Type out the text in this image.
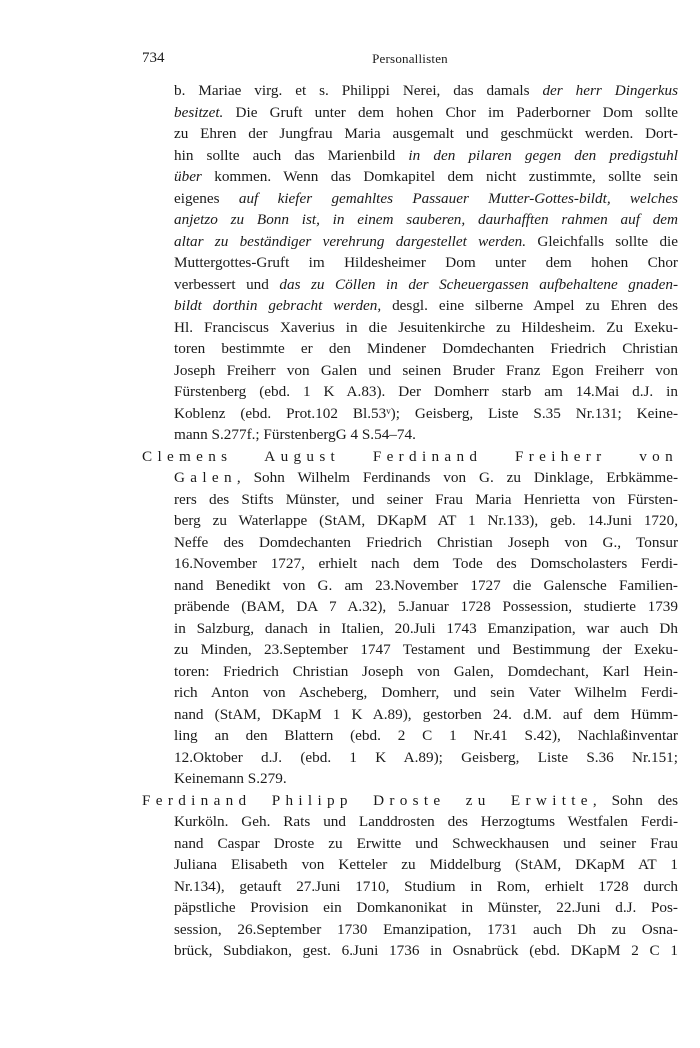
734	Personallisten
b. Mariae virg. et s. Philippi Nerei, das damals der herr Dingerkus
besitzet. Die Gruft unter dem hohen Chor im Paderborner Dom sollte
zu Ehren der Jungfrau Maria ausgemalt und geschmückt werden. Dort-
hin sollte auch das Marienbild in den pilaren gegen den predigstuhl
über kommen. Wenn das Domkapitel dem nicht zustimmte, sollte sein
eigenes auf kiefer gemahltes Passauer Mutter-Gottes-bildt, welches
anjetzo zu Bonn ist, in einem sauberen, daurhafften rahmen auf dem
altar zu beständiger verehrung dargestellet werden. Gleichfalls sollte die
Muttergottes-Gruft im Hildesheimer Dom unter dem hohen Chor
verbessert und das zu Cöllen in der Scheuergassen aufbehaltene gnaden-
bildt dorthin gebracht werden, desgl. eine silberne Ampel zu Ehren des
Hl. Franciscus Xaverius in die Jesuitenkirche zu Hildesheim. Zu Exeku-
toren bestimmte er den Mindener Domdechanten Friedrich Christian
Joseph Freiherr von Galen und seinen Bruder Franz Egon Freiherr von
Fürstenberg (ebd. 1 K A.83). Der Domherr starb am 14.Mai d.J. in
Koblenz (ebd. Prot.102 Bl.53ᵛ); Geisberg, Liste S.35 Nr.131; Keine-
mann S.277f.; FürstenbergG 4 S.54–74.
Clemens August Ferdinand Freiherr von
Galen, Sohn Wilhelm Ferdinands von G. zu Dinklage, Erbkämme-
rers des Stifts Münster, und seiner Frau Maria Henrietta von Fürsten-
berg zu Waterlappe (StAM, DKapM AT 1 Nr.133), geb. 14.Juni 1720,
Neffe des Domdechanten Friedrich Christian Joseph von G., Tonsur
16.November 1727, erhielt nach dem Tode des Domscholasters Ferdi-
nand Benedikt von G. am 23.November 1727 die Galensche Familien-
präbende (BAM, DA 7 A.32), 5.Januar 1728 Possession, studierte 1739
in Salzburg, danach in Italien, 20.Juli 1743 Emanzipation, war auch Dh
zu Minden, 23.September 1747 Testament und Bestimmung der Exeku-
toren: Friedrich Christian Joseph von Galen, Domdechant, Karl Hein-
rich Anton von Ascheberg, Domherr, und sein Vater Wilhelm Ferdi-
nand (StAM, DKapM 1 K A.89), gestorben 24. d.M. auf dem Hümm-
ling an den Blattern (ebd. 2 C 1 Nr.41 S.42), Nachlaßinventar
12.Oktober d.J. (ebd. 1 K A.89); Geisberg, Liste S.36 Nr.151;
Keinemann S.279.
Ferdinand Philipp Droste zu Erwitte, Sohn des
Kurköln. Geh. Rats und Landdrosten des Herzogtums Westfalen Ferdi-
nand Caspar Droste zu Erwitte und Schweckhausen und seiner Frau
Juliana Elisabeth von Ketteler zu Middelburg (StAM, DKapM AT 1
Nr.134), getauft 27.Juni 1710, Studium in Rom, erhielt 1728 durch
päpstliche Provision ein Domkanonikat in Münster, 22.Juni d.J. Pos-
session, 26.September 1730 Emanzipation, 1731 auch Dh zu Osna-
brück, Subdiakon, gest. 6.Juni 1736 in Osnabrück (ebd. DKapM 2 C 1
